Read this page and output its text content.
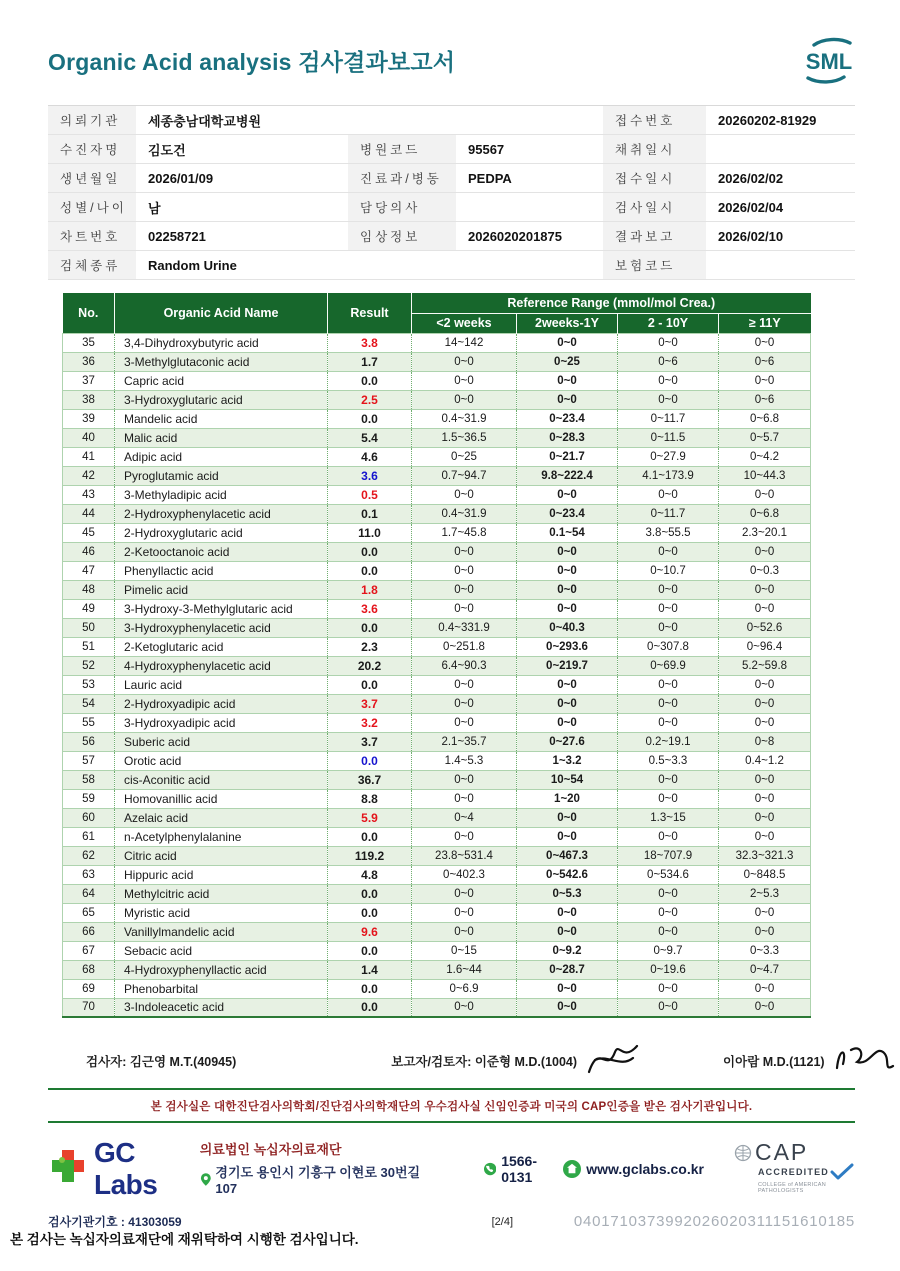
Organic Acid analysis 검사결과보고서	SML
의뢰기관	세종충남대학교병원			접수번호	20260202-81929
수진자명	김도건	병원코드	95567	채취일시	
생년월일	2026/01/09	진료과/병동	PEDPA	접수일시	2026/02/02
성별/나이	남	담당의사		검사일시	2026/02/04
차트번호	02258721	임상정보	2026020201875	결과보고	2026/02/10
검체종류	Random Urine			보험코드	
No.	Organic Acid Name	Result	Reference Range (mmol/mol Crea.)			
			<2 weeks	2weeks-1Y	2 - 10Y	≥ 11Y
35	3,4-Dihydroxybutyric acid	3.8	14~142	0~0	0~0	0~0
36	3-Methylglutaconic acid	1.7	0~0	0~25	0~6	0~6
37	Capric acid	0.0	0~0	0~0	0~0	0~0
38	3-Hydroxyglutaric acid	2.5	0~0	0~0	0~0	0~6
39	Mandelic acid	0.0	0.4~31.9	0~23.4	0~11.7	0~6.8
40	Malic acid	5.4	1.5~36.5	0~28.3	0~11.5	0~5.7
41	Adipic acid	4.6	0~25	0~21.7	0~27.9	0~4.2
42	Pyroglutamic acid	3.6	0.7~94.7	9.8~222.4	4.1~173.9	10~44.3
43	3-Methyladipic acid	0.5	0~0	0~0	0~0	0~0
44	2-Hydroxyphenylacetic acid	0.1	0.4~31.9	0~23.4	0~11.7	0~6.8
45	2-Hydroxyglutaric acid	11.0	1.7~45.8	0.1~54	3.8~55.5	2.3~20.1
46	2-Ketooctanoic acid	0.0	0~0	0~0	0~0	0~0
47	Phenyllactic acid	0.0	0~0	0~0	0~10.7	0~0.3
48	Pimelic acid	1.8	0~0	0~0	0~0	0~0
49	3-Hydroxy-3-Methylglutaric acid	3.6	0~0	0~0	0~0	0~0
50	3-Hydroxyphenylacetic acid	0.0	0.4~331.9	0~40.3	0~0	0~52.6
51	2-Ketoglutaric acid	2.3	0~251.8	0~293.6	0~307.8	0~96.4
52	4-Hydroxyphenylacetic acid	20.2	6.4~90.3	0~219.7	0~69.9	5.2~59.8
53	Lauric acid	0.0	0~0	0~0	0~0	0~0
54	2-Hydroxyadipic acid	3.7	0~0	0~0	0~0	0~0
55	3-Hydroxyadipic acid	3.2	0~0	0~0	0~0	0~0
56	Suberic acid	3.7	2.1~35.7	0~27.6	0.2~19.1	0~8
57	Orotic acid	0.0	1.4~5.3	1~3.2	0.5~3.3	0.4~1.2
58	cis-Aconitic acid	36.7	0~0	10~54	0~0	0~0
59	Homovanillic acid	8.8	0~0	1~20	0~0	0~0
60	Azelaic acid	5.9	0~4	0~0	1.3~15	0~0
61	n-Acetylphenylalanine	0.0	0~0	0~0	0~0	0~0
62	Citric acid	119.2	23.8~531.4	0~467.3	18~707.9	32.3~321.3
63	Hippuric acid	4.8	0~402.3	0~542.6	0~534.6	0~848.5
64	Methylcitric acid	0.0	0~0	0~5.3	0~0	2~5.3
65	Myristic acid	0.0	0~0	0~0	0~0	0~0
66	Vanillylmandelic acid	9.6	0~0	0~0	0~0	0~0
67	Sebacic acid	0.0	0~15	0~9.2	0~9.7	0~3.3
68	4-Hydroxyphenyllactic acid	1.4	1.6~44	0~28.7	0~19.6	0~4.7
69	Phenobarbital	0.0	0~6.9	0~0	0~0	0~0
70	3-Indoleacetic acid	0.0	0~0	0~0	0~0	0~0
검사자: 김근영 M.T.(40945)	보고자/검토자: 이준형 M.D.(1004)	이아람 M.D.(1121)
본 검사실은 대한진단검사의학회/진단검사의학재단의 우수검사실 신임인증과 미국의 CAP인증을 받은 검사기관입니다.
GC Labs
의료법인 녹십자의료재단
경기도 용인시 기흥구 이현로 30번길 107
1566-0131	www.gclabs.co.kr
CAP
ACCREDITED
COLLEGE of AMERICAN PATHOLOGISTS
검사기관기호 : 41303059	[2/4]	0401710373992026020311151610185
본 검사는 녹십자의료재단에 재위탁하여 시행한 검사입니다.
